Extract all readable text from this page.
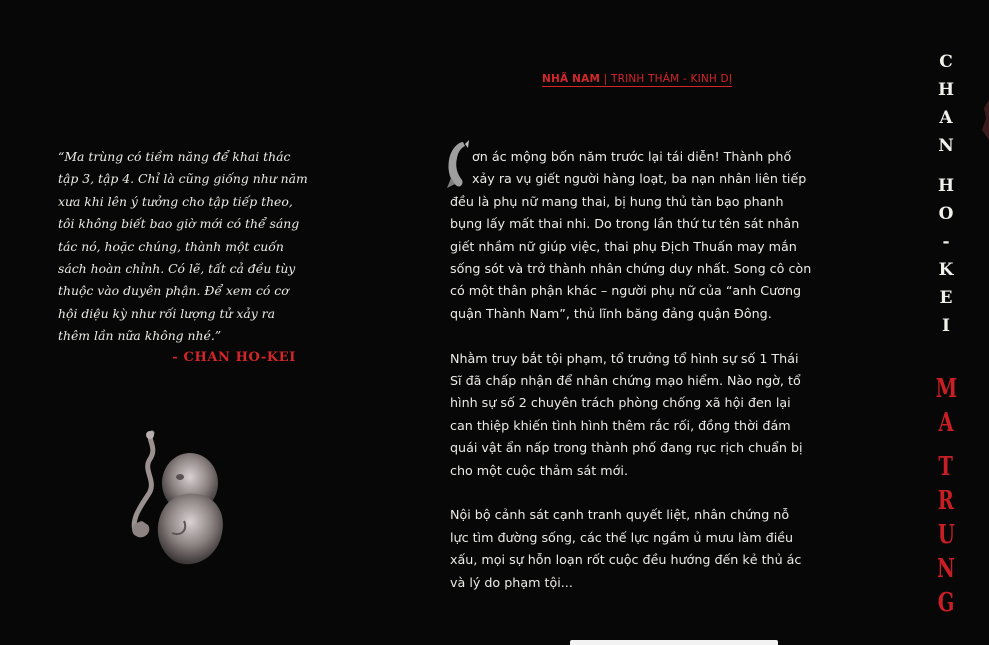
NHÃ NAM | TRINH THÁM - KINH DỊ

“Ma trùng có tiềm năng để khai thác
tập 3, tập 4. Chỉ là cũng giống như năm
xưa khi lên ý tưởng cho tập tiếp theo,
tôi không biết bao giờ mới có thể sáng
tác nó, hoặc chúng, thành một cuốn
sách hoàn chỉnh. Có lẽ, tất cả đều tùy
thuộc vào duyên phận. Để xem có cơ
hội diệu kỳ như rối lượng tử xảy ra
thêm lần nữa không nhé.”

- CHAN HO-KEI
ơn ác mộng bốn năm trước lại tái diễn! Thành phố
xảy ra vụ giết người hàng loạt, ba nạn nhân liên tiếp
đều là phụ nữ mang thai, bị hung thủ tàn bạo phanh
bụng lấy mất thai nhi. Do trong lần thứ tư tên sát nhân
giết nhầm nữ giúp việc, thai phụ Địch Thuấn may mắn
sống sót và trở thành nhân chứng duy nhất. Song cô còn
có một thân phận khác – người phụ nữ của “anh Cương
quận Thành Nam”, thủ lĩnh băng đảng quận Đông.
Nhằm truy bắt tội phạm, tổ trưởng tổ hình sự số 1 Thái
Sĩ đã chấp nhận để nhân chứng mạo hiểm. Nào ngờ, tổ
hình sự số 2 chuyên trách phòng chống xã hội đen lại
can thiệp khiến tình hình thêm rắc rối, đồng thời đám
quái vật ẩn nấp trong thành phố đang rục rịch chuẩn bị
cho một cuộc thảm sát mới.
Nội bộ cảnh sát cạnh tranh quyết liệt, nhân chứng nỗ
lực tìm đường sống, các thế lực ngầm ủ mưu làm điều
xấu, mọi sự hỗn loạn rốt cuộc đều hướng đến kẻ thủ ác
và lý do phạm tội...
C
H
A
N
H
O
-
K
E
I
M
A
T
R
U
N
G
